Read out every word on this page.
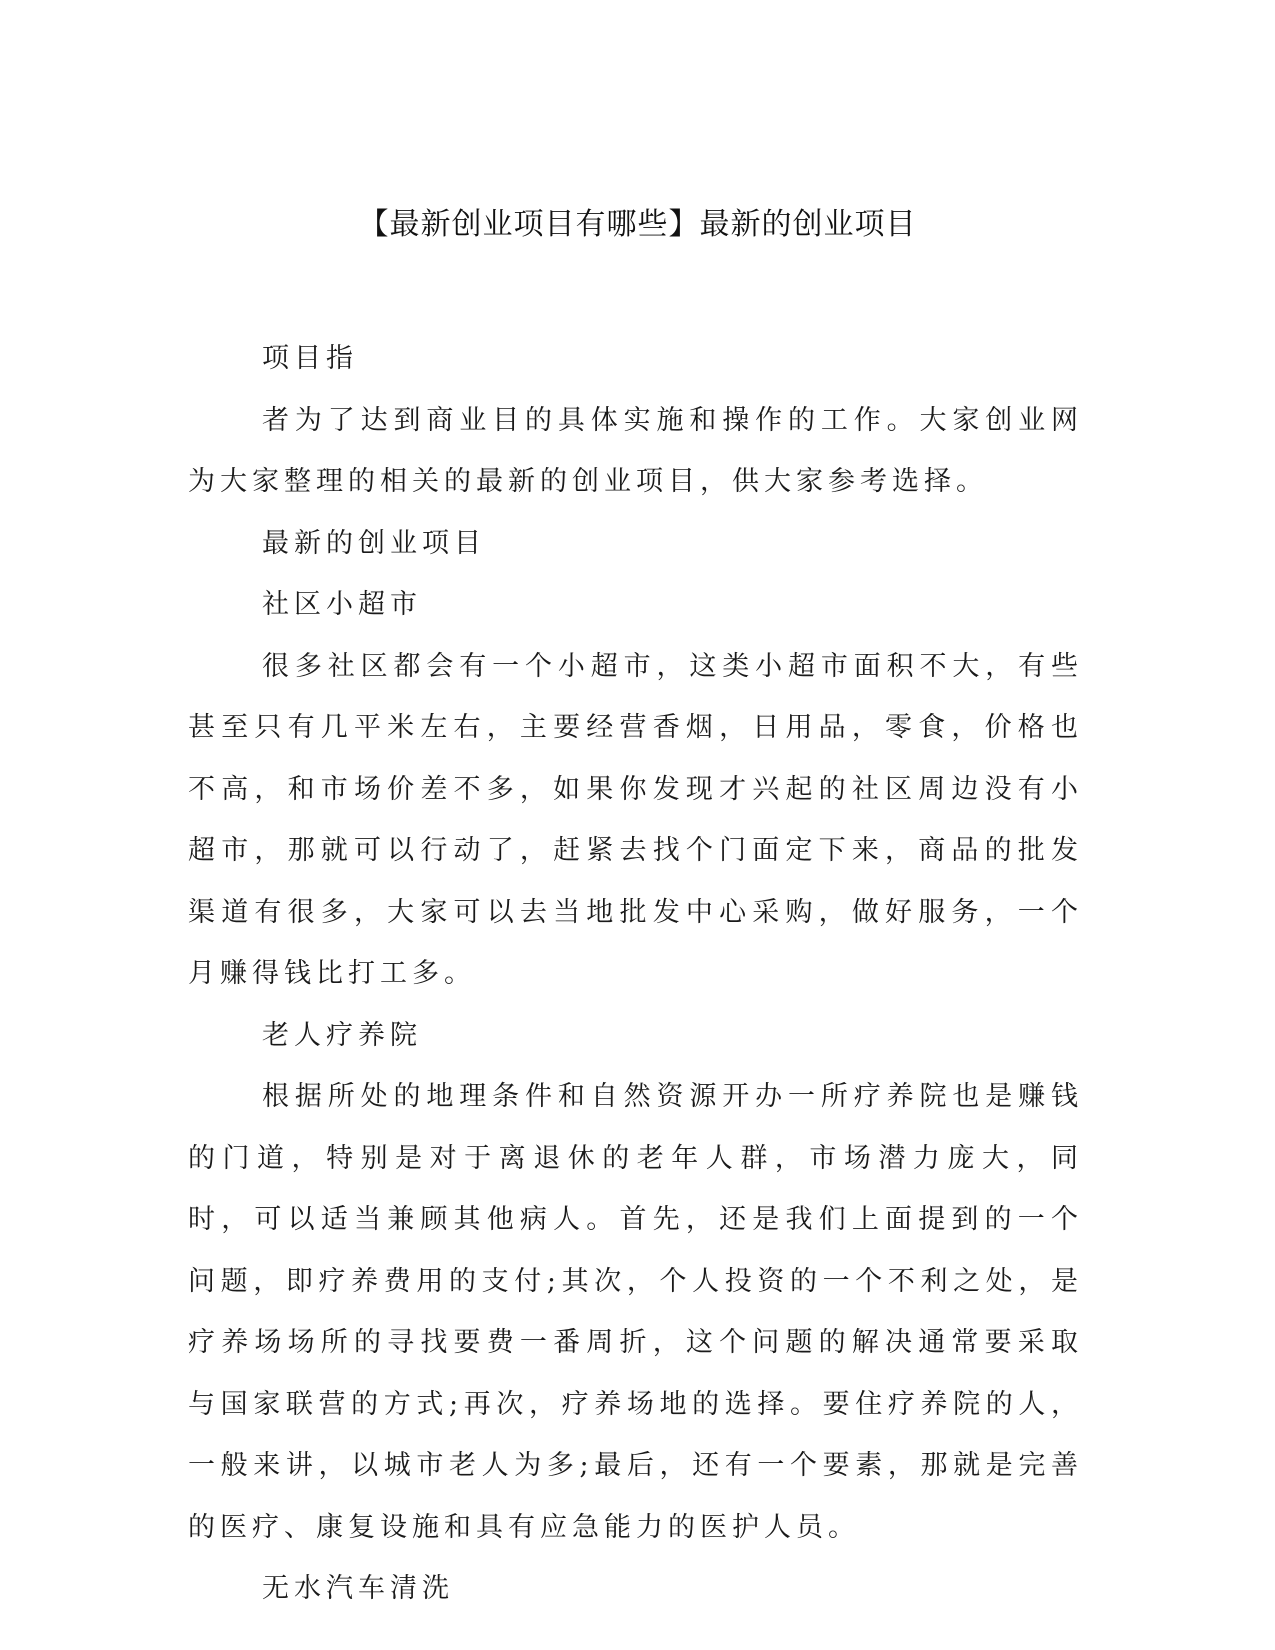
【最新创业项目有哪些】最新的创业项目

项目指

者为了达到商业目的具体实施和操作的工作。大家创业网为大家整理的相关的最新的创业项目，供大家参考选择。

最新的创业项目

社区小超市

很多社区都会有一个小超市，这类小超市面积不大，有些甚至只有几平米左右，主要经营香烟，日用品，零食，价格也不高，和市场价差不多，如果你发现才兴起的社区周边没有小超市，那就可以行动了，赶紧去找个门面定下来，商品的批发渠道有很多，大家可以去当地批发中心采购，做好服务，一个月赚得钱比打工多。

老人疗养院

根据所处的地理条件和自然资源开办一所疗养院也是赚钱的门道，特别是对于离退休的老年人群，市场潜力庞大，同时，可以适当兼顾其他病人。首先，还是我们上面提到的一个问题，即疗养费用的支付;其次，个人投资的一个不利之处，是疗养场场所的寻找要费一番周折，这个问题的解决通常要采取与国家联营的方式;再次，疗养场地的选择。要住疗养院的人，一般来讲，以城市老人为多;最后，还有一个要素，那就是完善的医疗、康复设施和具有应急能力的医护人员。

无水汽车清洗
